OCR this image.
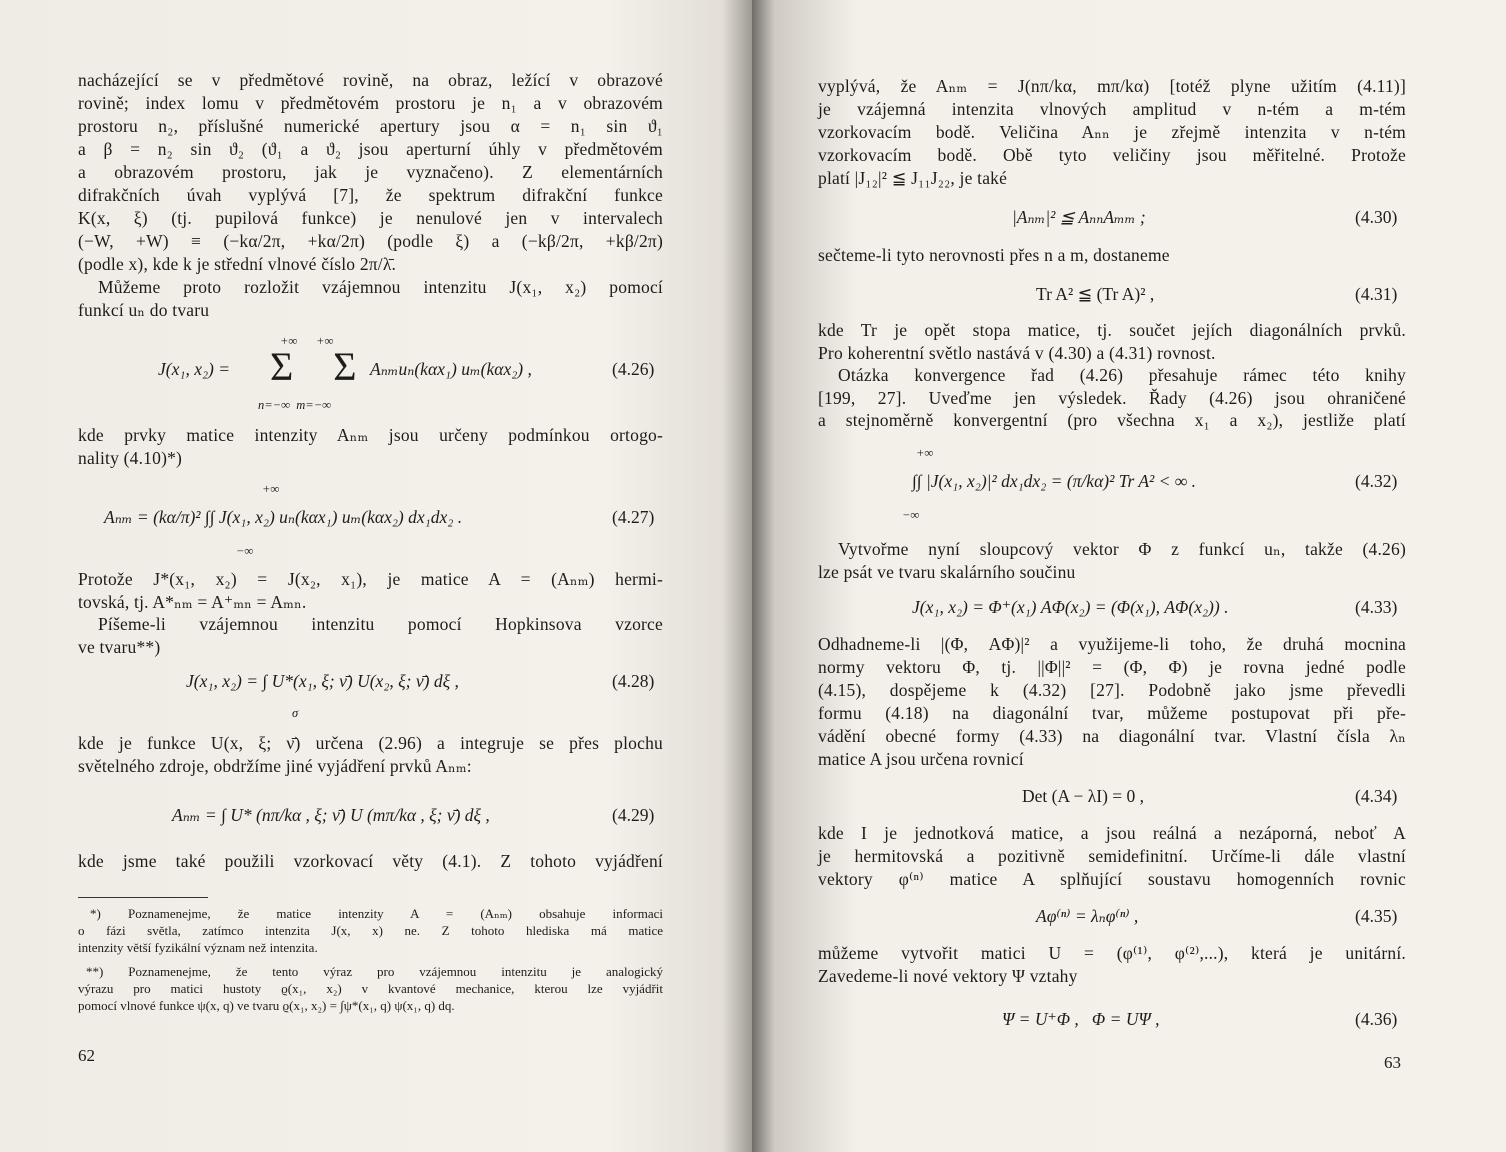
nacházející se v předmětové rovině, na obraz, ležící v obrazové
rovině; index lomu v předmětovém prostoru je n₁ a v obrazovém
prostoru n₂, příslušné numerické apertury jsou α = n₁ sin ϑ₁
a β = n₂ sin ϑ₂ (ϑ₁ a ϑ₂ jsou aperturní úhly v předmětovém
a obrazovém prostoru, jak je vyznačeno). Z elementárních
difrakčních úvah vyplývá [7], že spektrum difrakční funkce
K(x, ξ) (tj. pupilová funkce) je nenulové jen v intervalech
(−W, +W) ≡ (−kα/2π, +kα/2π) (podle ξ) a (−kβ/2π, +kβ/2π)
(podle x), kde k je střední vlnové číslo 2π/λ̄.
Můžeme proto rozložit vzájemnou intenzitu J(x₁, x₂) pomocí
funkcí uₙ do tvaru
+∞      +∞
J(x₁, x₂) = Σ    Σ Aₙₘuₙ(kαx₁) uₘ(kαx₂) ,
n=−∞  m=−∞
(4.26)
kde prvky matice intenzity Aₙₘ jsou určeny podmínkou ortogo-
nality (4.10)*)
+∞
Aₙₘ = (kα/π)² ∫∫ J(x₁, x₂) uₙ(kαx₁) uₘ(kαx₂) dx₁dx₂ .
−∞
(4.27)
Protože J*(x₁, x₂) = J(x₂, x₁), je matice A = (Aₙₘ) hermi-
tovská, tj. A*ₙₘ = A⁺ₘₙ = Aₘₙ.
Píšeme-li vzájemnou intenzitu pomocí Hopkinsova vzorce
ve tvaru**)
J(x₁, x₂) = ∫ U*(x₁, ξ; ν̄) U(x₂, ξ; ν̄) dξ ,
σ
(4.28)
kde je funkce U(x, ξ; ν̄) určena (2.96) a integruje se přes plochu
světelného zdroje, obdržíme jiné vyjádření prvků Aₙₘ:
Aₙₘ = ∫ U* (nπ/kα , ξ; ν̄) U (mπ/kα , ξ; ν̄) dξ ,	(4.29)
kde jsme také použili vzorkovací věty (4.1). Z tohoto vyjádření
*) Poznamenejme, že matice intenzity A = (Aₙₘ) obsahuje informaci
o fázi světla, zatímco intenzita J(x, x) ne. Z tohoto hlediska má matice
intenzity větší fyzikální význam než intenzita.
**) Poznamenejme, že tento výraz pro vzájemnou intenzitu je analogický
výrazu pro matici hustoty ϱ(x₁, x₂) v kvantové mechanice, kterou lze vyjádřit
pomocí vlnové funkce ψ(x, q) ve tvaru ϱ(x₁, x₂) = ∫ψ*(x₁, q) ψ(x₁, q) dq.
62
vyplývá, že Aₙₘ = J(nπ/kα, mπ/kα) [totéž plyne užitím (4.11)]
je vzájemná intenzita vlnových amplitud v n-tém a m-tém
vzorkovacím bodě. Veličina Aₙₙ je zřejmě intenzita v n-tém
vzorkovacím bodě. Obě tyto veličiny jsou měřitelné. Protože
platí |J₁₂|² ≦ J₁₁J₂₂, je také
|Aₙₘ|² ≦ AₙₙAₘₘ ;	(4.30)
sečteme-li tyto nerovnosti přes n a m, dostaneme
Tr A² ≦ (Tr A)² ,	(4.31)
kde Tr je opět stopa matice, tj. součet jejích diagonálních prvků.
Pro koherentní světlo nastává v (4.30) a (4.31) rovnost.
Otázka konvergence řad (4.26) přesahuje rámec této knihy
[199, 27]. Uveďme jen výsledek. Řady (4.26) jsou ohraničené
a stejnoměrně konvergentní (pro všechna x₁ a x₂), jestliže platí
+∞
∫∫ |J(x₁, x₂)|² dx₁dx₂ = (π/kα)² Tr A² < ∞ .
−∞
(4.32)
Vytvořme nyní sloupcový vektor Φ z funkcí uₙ, takže (4.26)
lze psát ve tvaru skalárního součinu
J(x₁, x₂) = Φ⁺(x₁) AΦ(x₂) = (Φ(x₁), AΦ(x₂)) .	(4.33)
Odhadneme-li |(Φ, AΦ)|² a využijeme-li toho, že druhá mocnina
normy vektoru Φ, tj. ||Φ||² = (Φ, Φ) je rovna jedné podle
(4.15), dospějeme k (4.32) [27]. Podobně jako jsme převedli
formu (4.18) na diagonální tvar, můžeme postupovat při pře-
vádění obecné formy (4.33) na diagonální tvar. Vlastní čísla λₙ
matice A jsou určena rovnicí
Det (A − λI) = 0 ,	(4.34)
kde I je jednotková matice, a jsou reálná a nezáporná, neboť A
je hermitovská a pozitivně semidefinitní. Určíme-li dále vlastní
vektory φ⁽ⁿ⁾ matice A splňující soustavu homogenních rovnic
Aφ⁽ⁿ⁾ = λₙφ⁽ⁿ⁾ ,	(4.35)
můžeme vytvořit matici U = (φ⁽¹⁾, φ⁽²⁾,...), která je unitární.
Zavedeme-li nové vektory Ψ vztahy
Ψ = U⁺Φ ,   Φ = UΨ ,	(4.36)
63
